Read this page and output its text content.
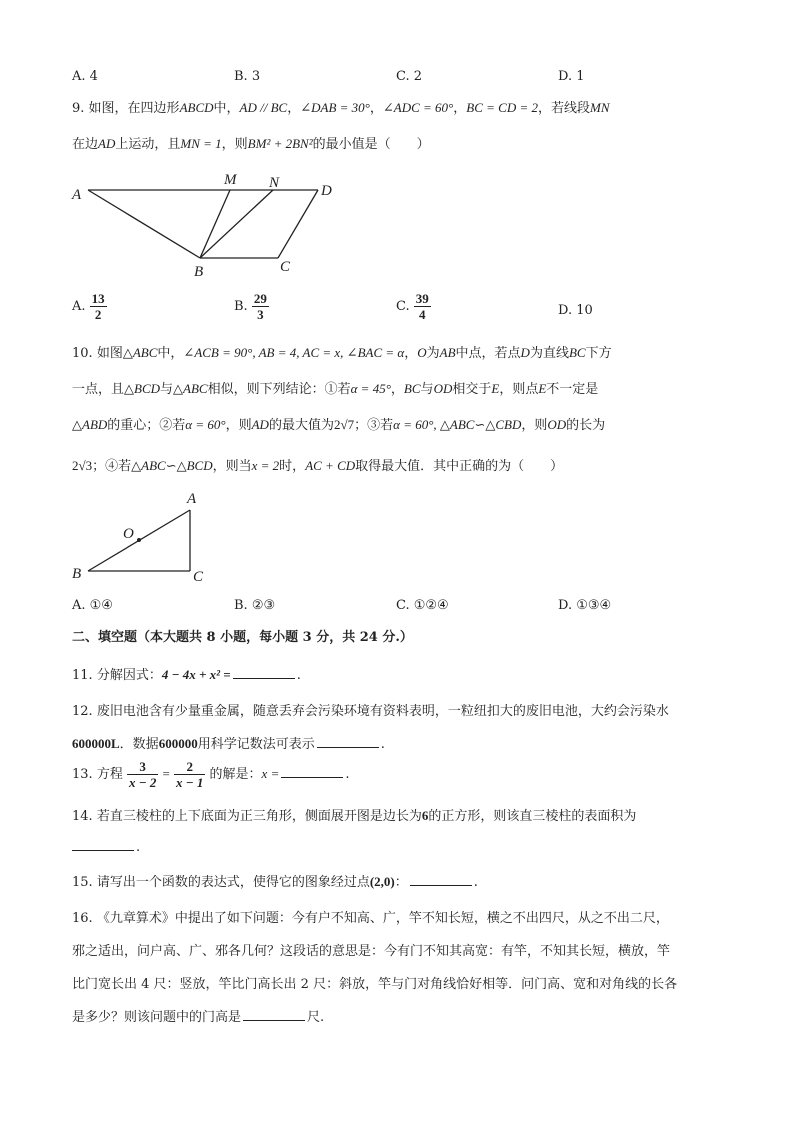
A. 4	B. 3	C. 2	D. 1
9. 如图，在四边形ABCD中，AD // BC，∠DAB = 30°，∠ADC = 60°，BC = CD = 2，若线段MN
在边AD上运动，且MN = 1，则BM² + 2BN²的最小值是（　　）
A
M N	D
B	C
A. $\frac{13}{2}$	B. $\frac{29}{3}$	C. $\frac{39}{4}$	D. 10
10. 如图△ABC中，∠ACB = 90°, AB = 4, AC = x, ∠BAC = α，O为AB中点，若点D为直线BC下方
一点，且△BCD与△ABC相似，则下列结论：①若α = 45°，BC与OD相交于E，则点E不一定是
△ABD的重心；②若α = 60°，则AD的最大值为2√7；③若α = 60°, △ABC∽△CBD，则OD的长为
2√3；④若△ABC∽△BCD，则当x = 2时，AC + CD取得最大值．其中正确的为（　　）
A
O
B	C
A. ①④	B. ②③	C. ①②④	D. ①③④
二、填空题（本大题共 8 小题，每小题 3 分，共 24 分.）
11. 分解因式：4 − 4x + x² =	.
12. 废旧电池含有少量重金属，随意丢弃会污染环境有资料表明，一粒纽扣大的废旧电池，大约会污染水
600000L．数据600000用科学记数法可表示	.
13. 方程 $\frac{3}{x - 2} = \frac{2}{x - 1}$ 的解是：x =	.
14. 若直三棱柱的上下底面为正三角形，侧面展开图是边长为6的正方形，则该直三棱柱的表面积为
.
15. 请写出一个函数的表达式，使得它的图象经过点(2,0)：	.
16. 《九章算术》中提出了如下问题：今有户不知高、广，竿不知长短，横之不出四尺，从之不出二尺，
邪之适出，问户高、广、邪各几何？这段话的意思是：今有门不知其高宽：有竿，不知其长短，横放，竿
比门宽长出 4 尺：竖放，竿比门高长出 2 尺：斜放，竿与门对角线恰好相等．问门高、宽和对角线的长各
是多少？则该问题中的门高是	尺.
